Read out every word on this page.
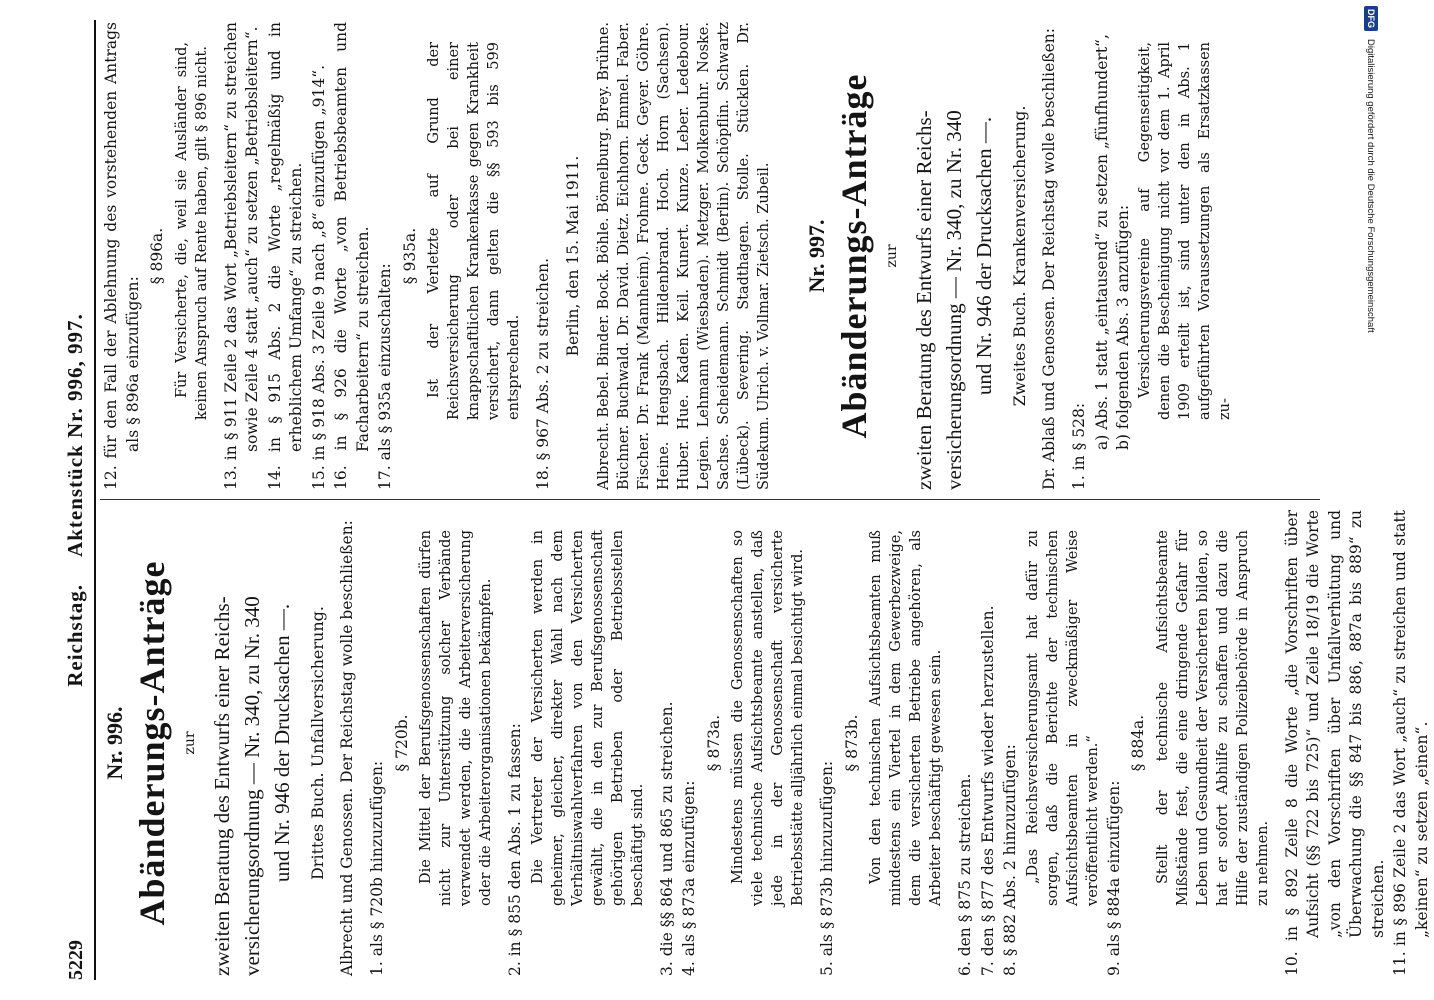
5229
Reichstag. Aktenstück Nr. 996, 997.

Nr. 996. Abänderungs-Anträge zur zweiten Beratung des Entwurfs einer Reichs- versicherungsordnung — Nr. 340, zu Nr. 340 und Nr. 946 der Drucksachen —. Drittes Buch. Unfallversicherung. Albrecht und Genossen. Der Reichstag wolle beschließen: 1. als § 720b hinzuzufügen:

§ 720b. Die Mittel der Berufsgenossenschaften dürfen nicht zur Unterstützung solcher Verbände verwendet werden, die die Arbeiterversicherung oder die Arbeiterorganisationen bekämpfen. 2. in § 855 den Abs. 1 zu fassen: Die Vertreter der Versicherten werden in geheimer, gleicher, direkter Wahl nach dem Verhältniswahlverfahren von den Versicherten gewählt, die in den zur Berufsgenossenschaft gehörigen Betrieben oder Betriebsstellen beschäftigt sind. 3. die §§ 864 und 865 zu streichen. 4. als § 873a einzufügen:

§ 873a. Mindestens müssen die Genossenschaften so viele technische Aufsichtsbeamte anstellen, daß jede in der Genossenschaft versicherte Betriebsstätte alljährlich einmal besichtigt wird. 5. als § 873b hinzuzufügen:

§ 873b. Von den technischen Aufsichtsbeamten muß mindestens ein Viertel in dem Gewerbezweige, dem die versicherten Betriebe angehören, als Arbeiter beschäftigt gewesen sein. 6. den § 875 zu streichen. 7. den § 877 des Entwurfs wieder herzustellen. 8. § 882 Abs. 2 hinzuzufügen: „Das Reichsversicherungsamt hat dafür zu sorgen, daß die Berichte der technischen Aufsichtsbeamten in zweckmäßiger Weise veröffentlicht werden.“ 9. als § 884a einzufügen:

§ 884a. Stellt der technische Aufsichtsbeamte Mißstände fest, die eine dringende Gefahr für Leben und Gesundheit der Versicherten bilden, so hat er sofort Abhilfe zu schaffen und dazu die Hilfe der zuständigen Polizeibehörde in Anspruch zu nehmen. 10. in § 892 Zeile 8 die Worte „die Vorschriften über Aufsicht (§§ 722 bis 725)“ und Zeile 18/19 die Worte „von den Vorschriften über Unfallverhütung und Überwachung die §§ 847 bis 886, 887a bis 889“ zu streichen. 11. in § 896 Zeile 2 das Wort „auch“ zu streichen und statt „keinen“ zu setzen „einen“.

12. für den Fall der Ablehnung des vorstehenden Antrags als § 896a einzufügen:

§ 896a. Für Versicherte, die, weil sie Ausländer sind, keinen Anspruch auf Rente haben, gilt § 896 nicht. 13. in § 911 Zeile 2 das Wort „Betriebsleitern“ zu streichen sowie Zeile 4 statt „auch“ zu setzen „Betriebsleitern“. 14. in § 915 Abs. 2 die Worte „regelmäßig und in erheblichem Umfange“ zu streichen. 15. in § 918 Abs. 3 Zeile 9 nach „8“ einzufügen „914“. 16. in § 926 die Worte „von Betriebsbeamten und Facharbeitern“ zu streichen. 17. als § 935a einzuschalten:

§ 935a. Ist der Verletzte auf Grund der Reichsversicherung oder bei einer knappschaftlichen Krankenkasse gegen Krankheit versichert, dann gelten die §§ 593 bis 599 entsprechend. 18. § 967 Abs. 2 zu streichen.

Berlin, den 15. Mai 1911. Albrecht. Bebel. Binder. Bock. Böhle. Bömelburg. Brey. Brühne. Büchner. Buchwald. Dr. David. Dietz. Eichhorn. Emmel. Faber. Fischer. Dr. Frank (Mannheim). Frohme. Geck. Geyer. Göhre. Heine. Hengsbach. Hildenbrand. Hoch. Horn (Sachsen). Huber. Hue. Kaden. Keil. Kunert. Kunze. Leber. Ledebour. Legien. Lehmann (Wiesbaden). Metzger. Molkenbuhr. Noske. Sachse. Scheidemann. Schmidt (Berlin). Schöpflin. Schwartz (Lübeck). Severing. Stadthagen. Stolle. Stücklen. Dr. Südekum. Ulrich. v. Vollmar. Zietsch. Zubeil. Nr. 997. Abänderungs-Anträge zur zweiten Beratung des Entwurfs einer Reichs- versicherungsordnung — Nr. 340, zu Nr. 340 und Nr. 946 der Drucksachen —. Zweites Buch. Krankenversicherung. Dr. Ablaß und Genossen. Der Reichstag wolle beschließen: 1. in § 528: a) Abs. 1 statt „eintausend“ zu setzen „fünfhundert“, b) folgenden Abs. 3 anzufügen: Versicherungsvereine auf Gegenseitigkeit, denen die Bescheinigung nicht vor dem 1. April 1909 erteilt ist, sind unter den in Abs. 1 aufgeführten Voraussetzungen als Ersatzkassen zu-

DFGDigitalisierung gefördert durch die Deutsche Forschungsgemeinschaft
